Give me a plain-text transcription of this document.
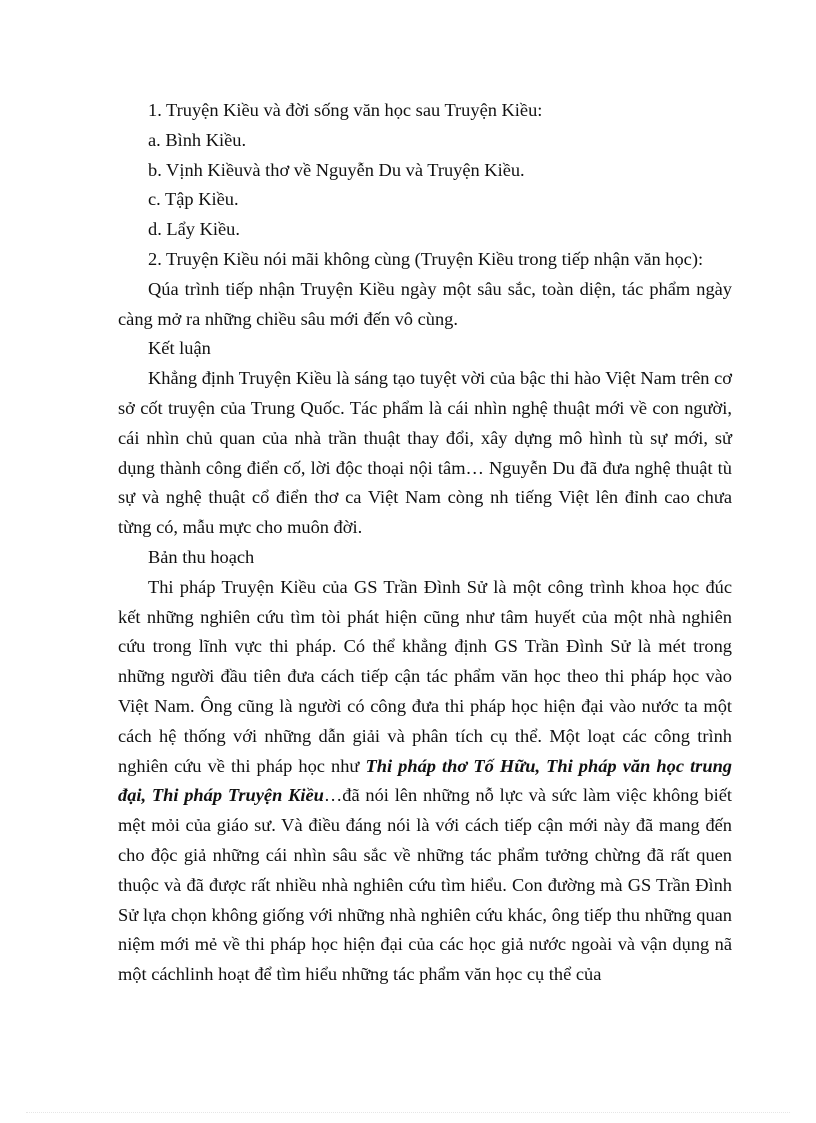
1. Truyện Kiều và đời sống văn học sau Truyện Kiều:

a. Bình Kiều.

b. Vịnh Kiềuvà thơ về Nguyễn Du và Truyện Kiều.

c. Tập Kiều.

d. Lẩy Kiều.

2. Truyện Kiều nói mãi không cùng (Truyện Kiều trong tiếp nhận văn học):

Qúa trình tiếp nhận Truyện Kiều ngày một sâu sắc, toàn diện, tác phẩm ngày càng mở ra những chiều sâu mới đến vô cùng.

Kết luận

Khẳng định Truyện Kiều là sáng tạo tuyệt vời của bậc thi hào Việt Nam trên cơ sở cốt truyện của Trung Quốc. Tác phẩm là cái nhìn nghệ thuật mới về con người, cái nhìn chủ quan của nhà trần thuật thay đổi, xây dựng mô hình tù sự mới, sử dụng thành công điển cố, lời độc thoại nội tâm… Nguyễn Du đã đưa nghệ thuật tù sự và nghệ thuật cổ điển thơ ca Việt Nam còng nh tiếng Việt lên đỉnh cao chưa từng có, mẫu mực cho muôn đời.

Bản thu hoạch

Thi pháp Truyện Kiều của GS Trần Đình Sử là một công trình khoa học đúc kết những nghiên cứu tìm tòi phát hiện cũng như tâm huyết của một nhà nghiên cứu trong lĩnh vực thi pháp. Có thể khẳng định GS Trần Đình Sử là mét trong những người đầu tiên đưa cách tiếp cận tác phẩm văn học theo thi pháp học vào Việt Nam. Ông cũng là người có công đưa thi pháp học hiện đại vào nước ta một cách hệ thống với những dẫn giải và phân tích cụ thể. Một loạt các công trình nghiên cứu về thi pháp học như Thi pháp thơ Tố Hữu, Thi pháp văn học trung đại, Thi pháp Truyện Kiều…đã nói lên những nỗ lực và sức làm việc không biết mệt mỏi của giáo sư. Và điều đáng nói là với cách tiếp cận mới này đã mang đến cho độc giả những cái nhìn sâu sắc về những tác phẩm tưởng chừng đã rất quen thuộc và đã được rất nhiều nhà nghiên cứu tìm hiểu. Con đường mà GS Trần Đình Sử lựa chọn không giống với những nhà nghiên cứu khác, ông tiếp thu những quan niệm mới mẻ về thi pháp học hiện đại của các học giả nước ngoài và vận dụng nã một cáchlinh hoạt để tìm hiểu những tác phẩm văn học cụ thể của
